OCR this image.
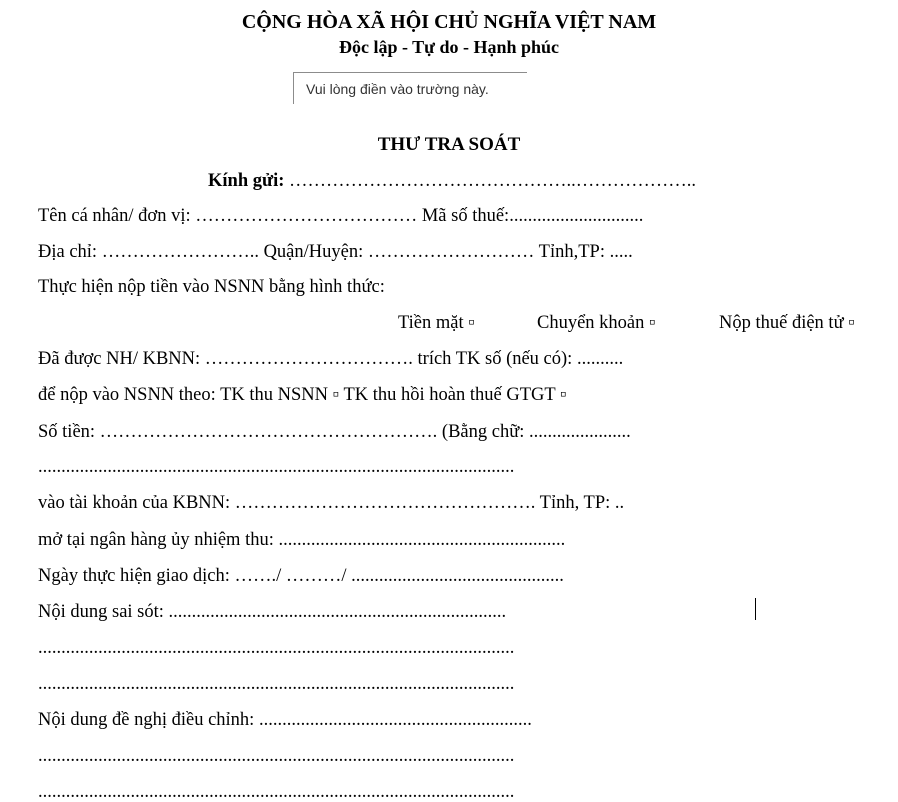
CỘNG HÒA XÃ HỘI CHỦ NGHĨA VIỆT NAM
Độc lập - Tự do - Hạnh phúc
Vui lòng điền vào trường này.
THƯ TRA SOÁT
Kính gửi: ………………………………………..………………..
Tên cá nhân/ đơn vị: ……………………………… Mã số thuế:.............................
Địa chỉ: …………………….. Quận/Huyện: ……………………… Tỉnh,TP: .....
Thực hiện nộp tiền vào NSNN bằng hình thức:
Tiền mặt ▫	Chuyển khoản ▫	Nộp thuế điện tử ▫
Đã được NH/ KBNN: ……………………………. trích TK số (nếu có): ..........
để nộp vào NSNN theo: TK thu NSNN ▫ TK thu hồi hoàn thuế GTGT ▫
Số tiền: ………………………………………………. (Bằng chữ: ......................
.......................................................................................................
vào tài khoản của KBNN: …………………………………………. Tỉnh, TP: ..
mở tại ngân hàng ủy nhiệm thu: ..............................................................
Ngày thực hiện giao dịch: ……./ ………/ ..............................................
Nội dung sai sót: .........................................................................
.......................................................................................................
.......................................................................................................
Nội dung đề nghị điều chỉnh: ...........................................................
.......................................................................................................
.......................................................................................................
